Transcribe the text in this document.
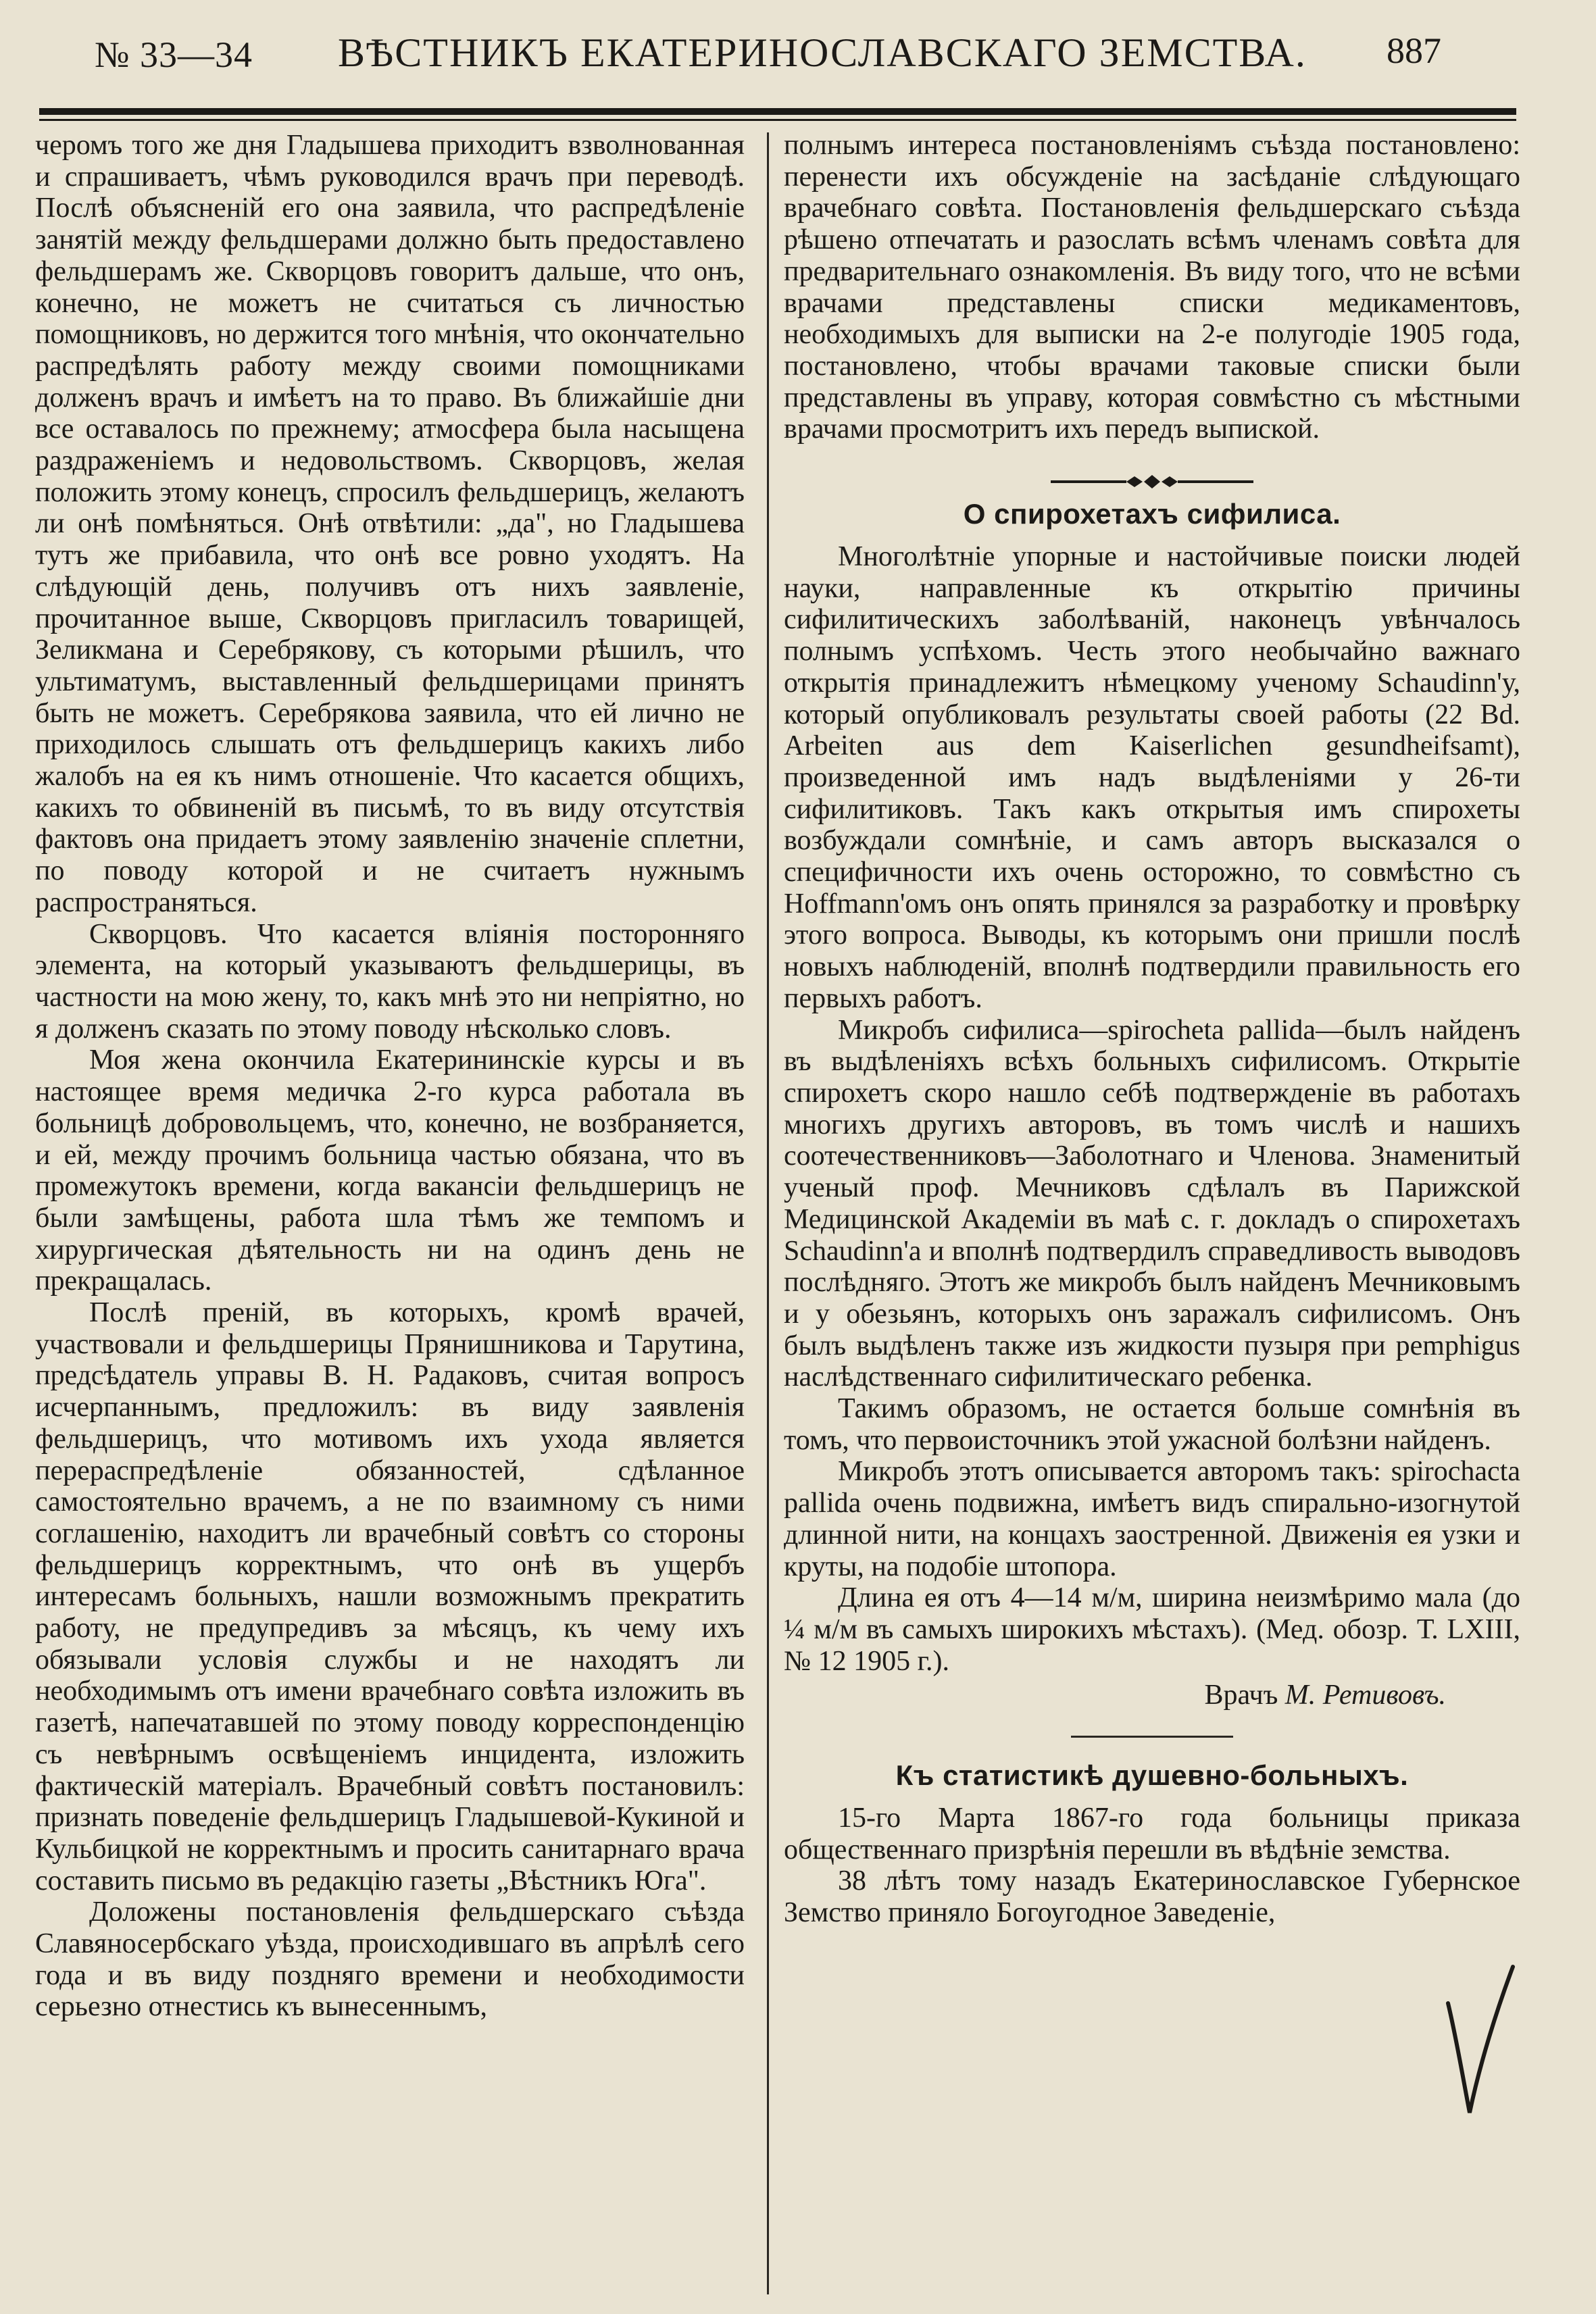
№ 33—34 ВѢСТНИКЪ ЕКАТЕРИНОСЛАВСКАГО ЗЕМСТВА. 887

черомъ того же дня Гладышева приходитъ взволнованная и спрашиваетъ, чѣмъ руководился врачъ при переводѣ. Послѣ объясненій его она заявила, что распредѣленіе занятій между фельдшерами должно быть предоставлено фельдшерамъ же. Скворцовъ говоритъ дальше, что онъ, конечно, не можетъ не считаться съ личностью помощниковъ, но держится того мнѣнія, что окончательно распредѣлять работу между своими помощниками долженъ врачъ и имѣетъ на то право. Въ ближайшіе дни все оставалось по прежнему; атмосфера была насыщена раздраженіемъ и недовольствомъ. Скворцовъ, желая положить этому конецъ, спросилъ фельдшерицъ, желаютъ ли онѣ помѣняться. Онѣ отвѣтили: „да", но Гладышева тутъ же прибавила, что онѣ все ровно уходятъ. На слѣдующій день, получивъ отъ нихъ заявленіе, прочитанное выше, Скворцовъ пригласилъ товарищей, Зеликмана и Серебрякову, съ которыми рѣшилъ, что ультиматумъ, выставленный фельдшерицами принятъ быть не можетъ. Серебрякова заявила, что ей лично не приходилось слышать отъ фельдшерицъ какихъ либо жалобъ на ея къ нимъ отношеніе. Что касается общихъ, какихъ то обвиненій въ письмѣ, то въ виду отсутствія фактовъ она придаетъ этому заявленію значеніе сплетни, по поводу которой и не считаетъ нужнымъ распространяться.

Скворцовъ. Что касается вліянія посторонняго элемента, на который указываютъ фельдшерицы, въ частности на мою жену, то, какъ мнѣ это ни непріятно, но я долженъ сказать по этому поводу нѣсколько словъ.

Моя жена окончила Екатерининскіе курсы и въ настоящее время медичка 2-го курса работала въ больницѣ добровольцемъ, что, конечно, не возбраняется, и ей, между прочимъ больница частью обязана, что въ промежутокъ времени, когда вакансіи фельдшерицъ не были замѣщены, работа шла тѣмъ же темпомъ и хирургическая дѣятельность ни на одинъ день не прекращалась.

Послѣ преній, въ которыхъ, кромѣ врачей, участвовали и фельдшерицы Прянишникова и Тарутина, предсѣдатель управы В. Н. Радаковъ, считая вопросъ исчерпаннымъ, предложилъ: въ виду заявленія фельдшерицъ, что мотивомъ ихъ ухода является перераспредѣленіе обязанностей, сдѣланное самостоятельно врачемъ, а не по взаимному съ ними соглашенію, находитъ ли врачебный совѣтъ со стороны фельдшерицъ корректнымъ, что онѣ въ ущербъ интересамъ больныхъ, нашли возможнымъ прекратить работу, не предупредивъ за мѣсяцъ, къ чему ихъ обязывали условія службы и не находятъ ли необходимымъ отъ имени врачебнаго совѣта изложить въ газетѣ, напечатавшей по этому поводу корреспонденцію съ невѣрнымъ освѣщеніемъ инцидента, изложить фактическій матеріалъ. Врачебный совѣтъ постановилъ: признать поведеніе фельдшерицъ Гладышевой-Кукиной и Кульбицкой не корректнымъ и просить санитарнаго врача составить письмо въ редакцію газеты „Вѣстникъ Юга".

Доложены постановленія фельдшерскаго съѣзда Славяносербскаго уѣзда, происходившаго въ апрѣлѣ сего года и въ виду поздняго времени и необходимости серьезно отнестись къ вынесеннымъ,

полнымъ интереса постановленіямъ съѣзда постановлено: перенести ихъ обсужденіе на засѣданіе слѣдующаго врачебнаго совѣта. Постановленія фельдшерскаго съѣзда рѣшено отпечатать и разослать всѣмъ членамъ совѣта для предварительнаго ознакомленія. Въ виду того, что не всѣми врачами представлены списки медикаментовъ, необходимыхъ для выписки на 2-е полугодіе 1905 года, постановлено, чтобы врачами таковые списки были представлены въ управу, которая совмѣстно съ мѣстными врачами просмотритъ ихъ передъ выпиской.

О спирохетахъ сифилиса.

Многолѣтніе упорные и настойчивые поиски людей науки, направленные къ открытію причины сифилитическихъ заболѣваній, наконецъ увѣнчалось полнымъ успѣхомъ. Честь этого необычайно важнаго открытія принадлежитъ нѣмецкому ученому Schaudinn'у, который опубликовалъ результаты своей работы (22 Bd. Arbeiten aus dem Kaiserlichen gesundheifsamt), произведенной имъ надъ выдѣленіями у 26-ти сифилитиковъ. Такъ какъ открытыя имъ спирохеты возбуждали сомнѣніе, и самъ авторъ высказался о специфичности ихъ очень осторожно, то совмѣстно съ Hoffmann'омъ онъ опять принялся за разработку и провѣрку этого вопроса. Выводы, къ которымъ они пришли послѣ новыхъ наблюденій, вполнѣ подтвердили правильность его первыхъ работъ.

Микробъ сифилиса—spirocheta pallida—былъ найденъ въ выдѣленіяхъ всѣхъ больныхъ сифилисомъ. Открытіе спирохетъ скоро нашло себѣ подтвержденіе въ работахъ многихъ другихъ авторовъ, въ томъ числѣ и нашихъ соотечественниковъ—Заболотнаго и Членова. Знаменитый ученый проф. Мечниковъ сдѣлалъ въ Парижской Медицинской Академіи въ маѣ с. г. докладъ о спирохетахъ Schaudinn'a и вполнѣ подтвердилъ справедливость выводовъ послѣдняго. Этотъ же микробъ былъ найденъ Мечниковымъ и у обезьянъ, которыхъ онъ заражалъ сифилисомъ. Онъ былъ выдѣленъ также изъ жидкости пузыря при pemphigus наслѣдственнаго сифилитическаго ребенка.

Такимъ образомъ, не остается больше сомнѣнія въ томъ, что первоисточникъ этой ужасной болѣзни найденъ.

Микробъ этотъ описывается авторомъ такъ: spirochacta pallida очень подвижна, имѣетъ видъ спирально-изогнутой длинной нити, на концахъ заостренной. Движенія ея узки и круты, на подобіе штопора.

Длина ея отъ 4—14 м/м, ширина неизмѣримо мала (до ¼ м/м въ самыхъ широкихъ мѣстахъ). (Мед. обозр. Т. LXIII, № 12 1905 г.).

Врачъ М. Ретивовъ.
Къ статистикѣ душевно-больныхъ.

15-го Марта 1867-го года больницы приказа общественнаго призрѣнія перешли въ вѣдѣніе земства.

38 лѣтъ тому назадъ Екатеринославское Губернское Земство приняло Богоугодное Заведеніе,
